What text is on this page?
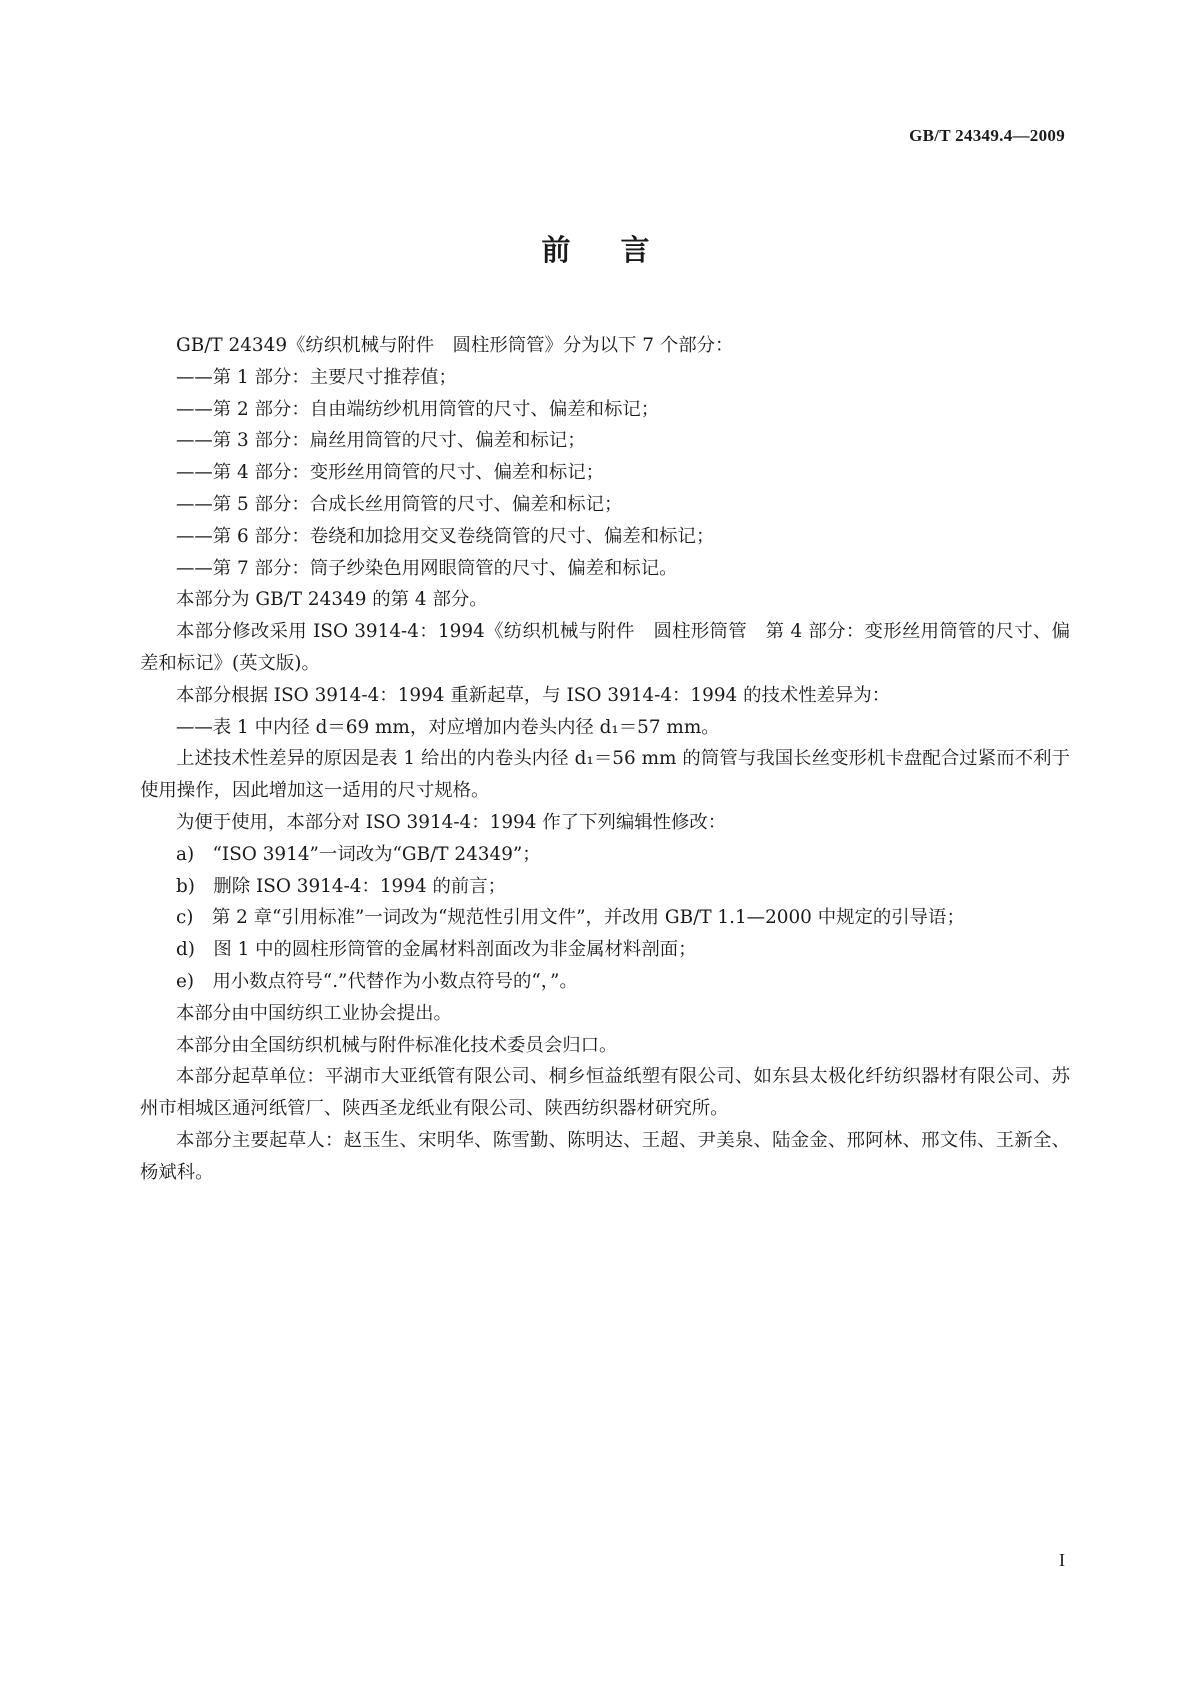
GB/T 24349.4—2009
前言

GB/T 24349《纺织机械与附件　圆柱形筒管》分为以下 7 个部分：

——第 1 部分：主要尺寸推荐值；

——第 2 部分：自由端纺纱机用筒管的尺寸、偏差和标记；

——第 3 部分：扁丝用筒管的尺寸、偏差和标记；

——第 4 部分：变形丝用筒管的尺寸、偏差和标记；

——第 5 部分：合成长丝用筒管的尺寸、偏差和标记；

——第 6 部分：卷绕和加捻用交叉卷绕筒管的尺寸、偏差和标记；

——第 7 部分：筒子纱染色用网眼筒管的尺寸、偏差和标记。

本部分为 GB/T 24349 的第 4 部分。

本部分修改采用 ISO 3914-4：1994《纺织机械与附件　圆柱形筒管　第 4 部分：变形丝用筒管的尺寸、偏差和标记》(英文版)。

本部分根据 ISO 3914-4：1994 重新起草，与 ISO 3914-4：1994 的技术性差异为：

——表 1 中内径 d＝69 mm，对应增加内卷头内径 d₁＝57 mm。

上述技术性差异的原因是表 1 给出的内卷头内径 d₁＝56 mm 的筒管与我国长丝变形机卡盘配合过紧而不利于使用操作，因此增加这一适用的尺寸规格。

为便于使用，本部分对 ISO 3914-4：1994 作了下列编辑性修改：

a)　“ISO 3914”一词改为“GB/T 24349”；

b)　删除 ISO 3914-4：1994 的前言；

c)　第 2 章“引用标准”一词改为“规范性引用文件”，并改用 GB/T 1.1—2000 中规定的引导语；

d)　图 1 中的圆柱形筒管的金属材料剖面改为非金属材料剖面；

e)　用小数点符号“.”代替作为小数点符号的“，”。

本部分由中国纺织工业协会提出。

本部分由全国纺织机械与附件标准化技术委员会归口。

本部分起草单位：平湖市大亚纸管有限公司、桐乡恒益纸塑有限公司、如东县太极化纤纺织器材有限公司、苏州市相城区通河纸管厂、陕西圣龙纸业有限公司、陕西纺织器材研究所。

本部分主要起草人：赵玉生、宋明华、陈雪勤、陈明达、王超、尹美泉、陆金金、邢阿林、邢文伟、王新全、杨斌科。

I
